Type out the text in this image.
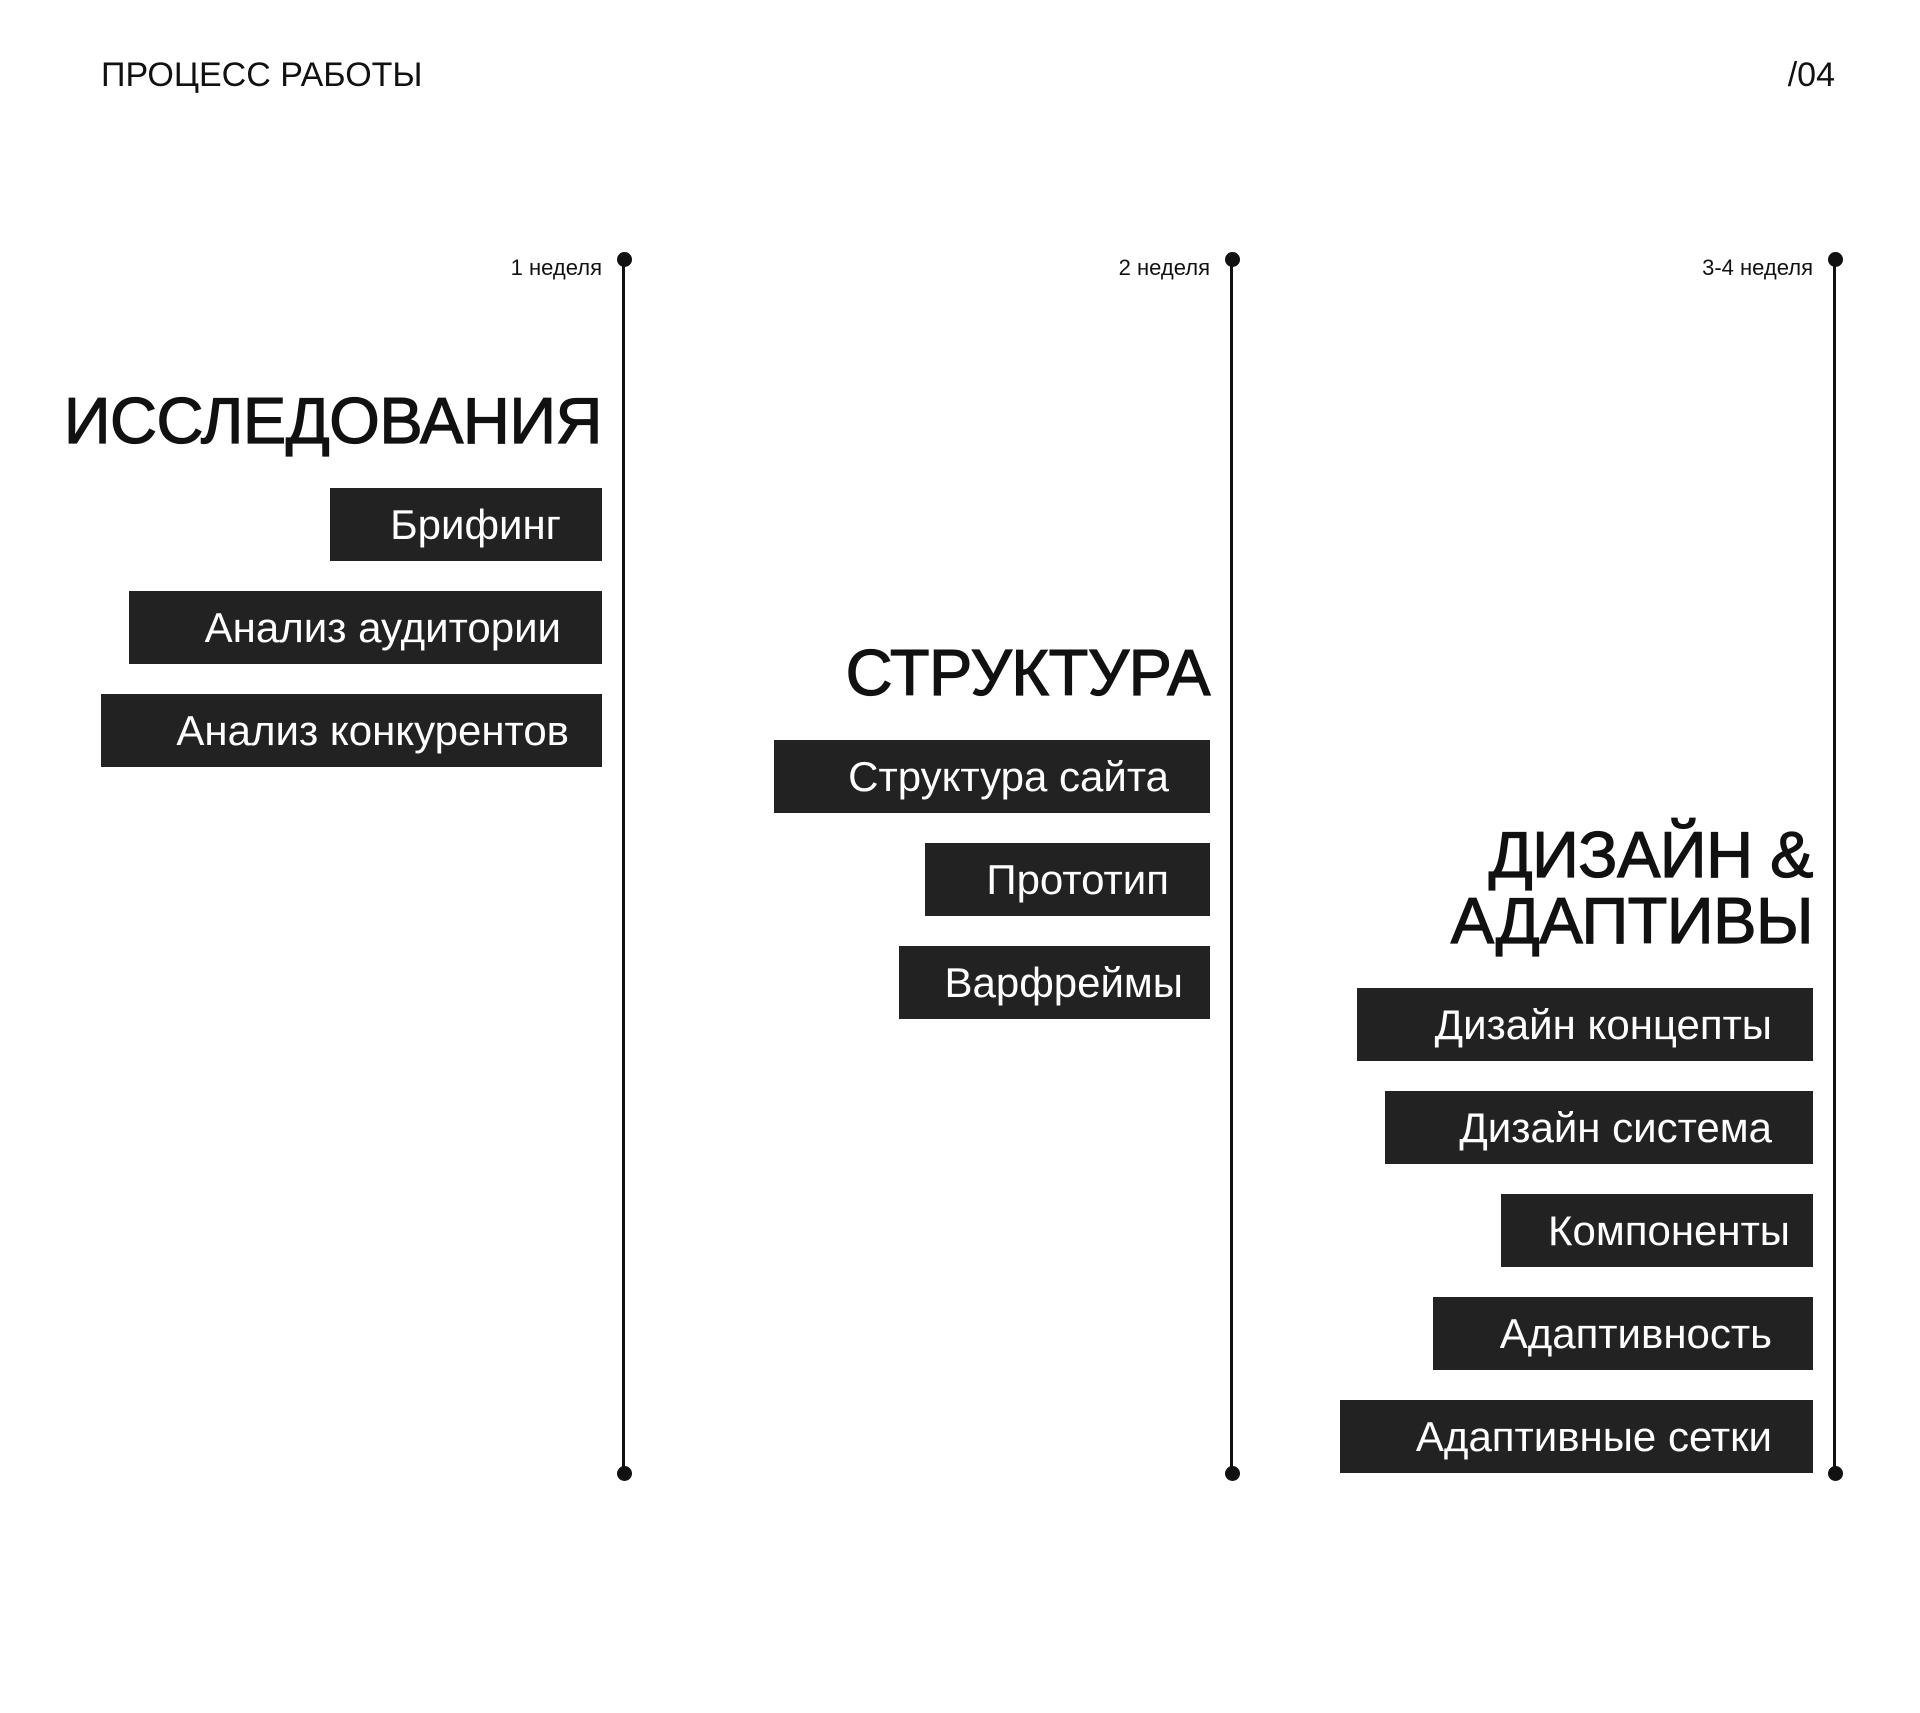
ПРОЦЕСС РАБОТЫ	/04
1 неделя
ИССЛЕДОВАНИЯ
Брифинг
Анализ аудитории
Анализ конкурентов
2 неделя
СТРУКТУРА
Структура сайта
Прототип
Варфреймы
3-4 неделя
ДИЗАЙН &
АДАПТИВЫ
Дизайн концепты
Дизайн система
Компоненты
Адаптивность
Адаптивные сетки
